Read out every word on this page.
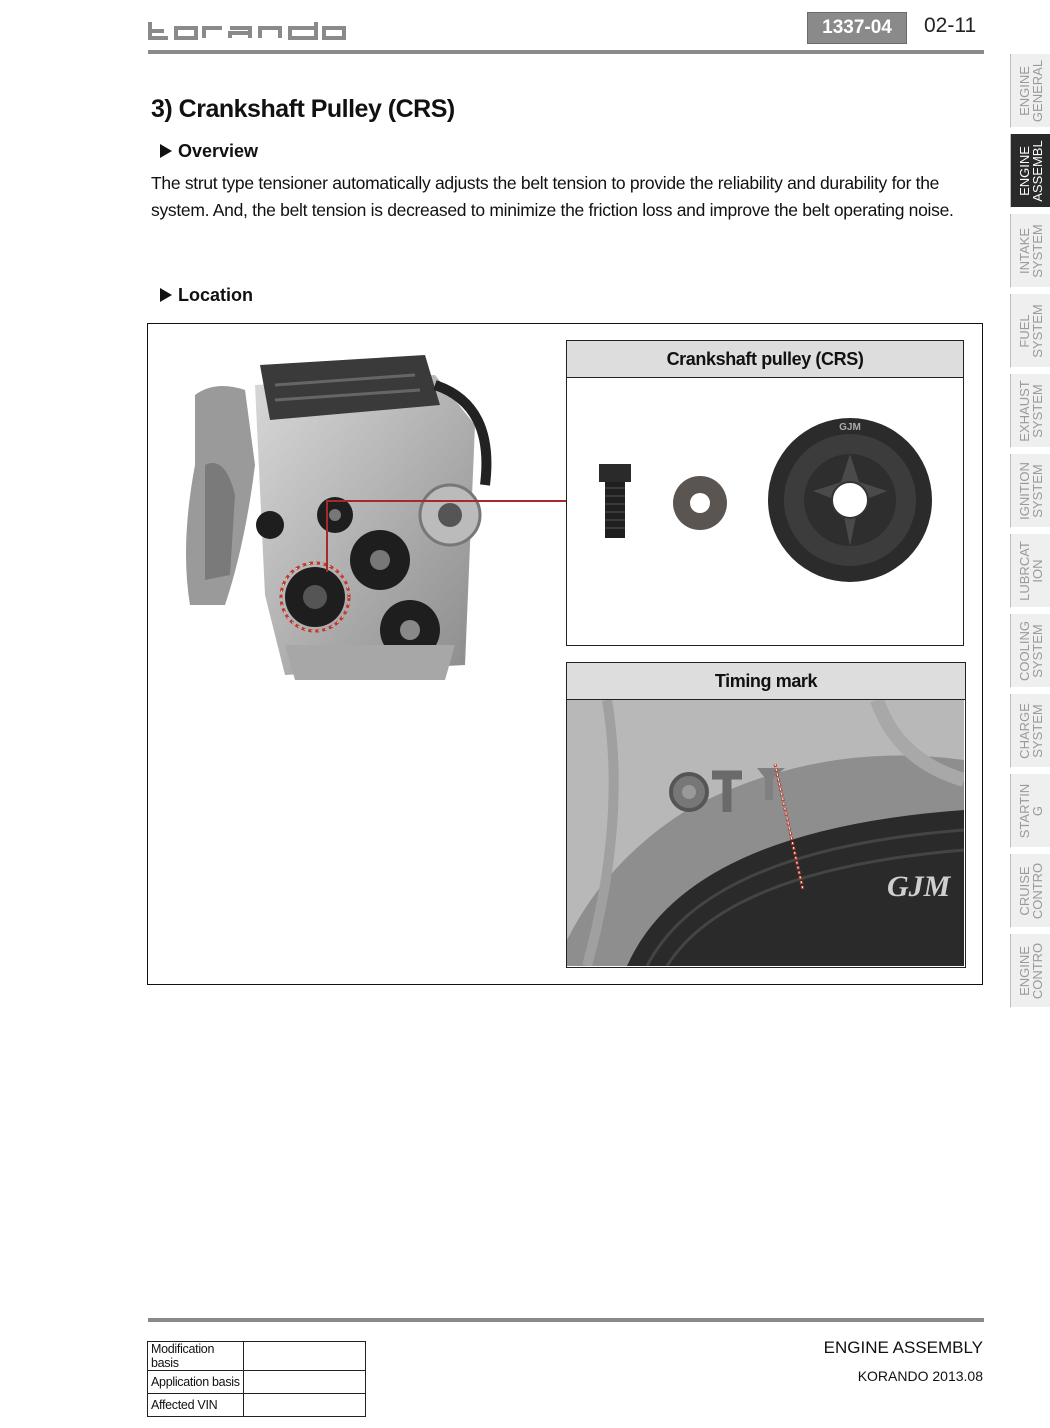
1337-04	02-11
ENGINE
GENERAL
ENGINE
ASSEMBL
INTAKE
SYSTEM
FUEL
SYSTEM
EXHAUST
SYSTEM
IGNITION
SYSTEM
LUBRCAT
ION
COOLING
SYSTEM
CHARGE
SYSTEM
STARTIN
G
CRUISE
CONTRO
ENGINE
CONTRO
3) Crankshaft Pulley (CRS)
Overview
The strut type tensioner automatically adjusts the belt tension to provide the reliability and durability for the system. And, the belt tension is decreased to minimize the friction loss and improve the belt operating noise.
Location
Crankshaft pulley (CRS)
GJM
Timing mark
GJM
Modification basis	
Application basis	
Affected VIN	
ENGINE ASSEMBLY
KORANDO 2013.08
